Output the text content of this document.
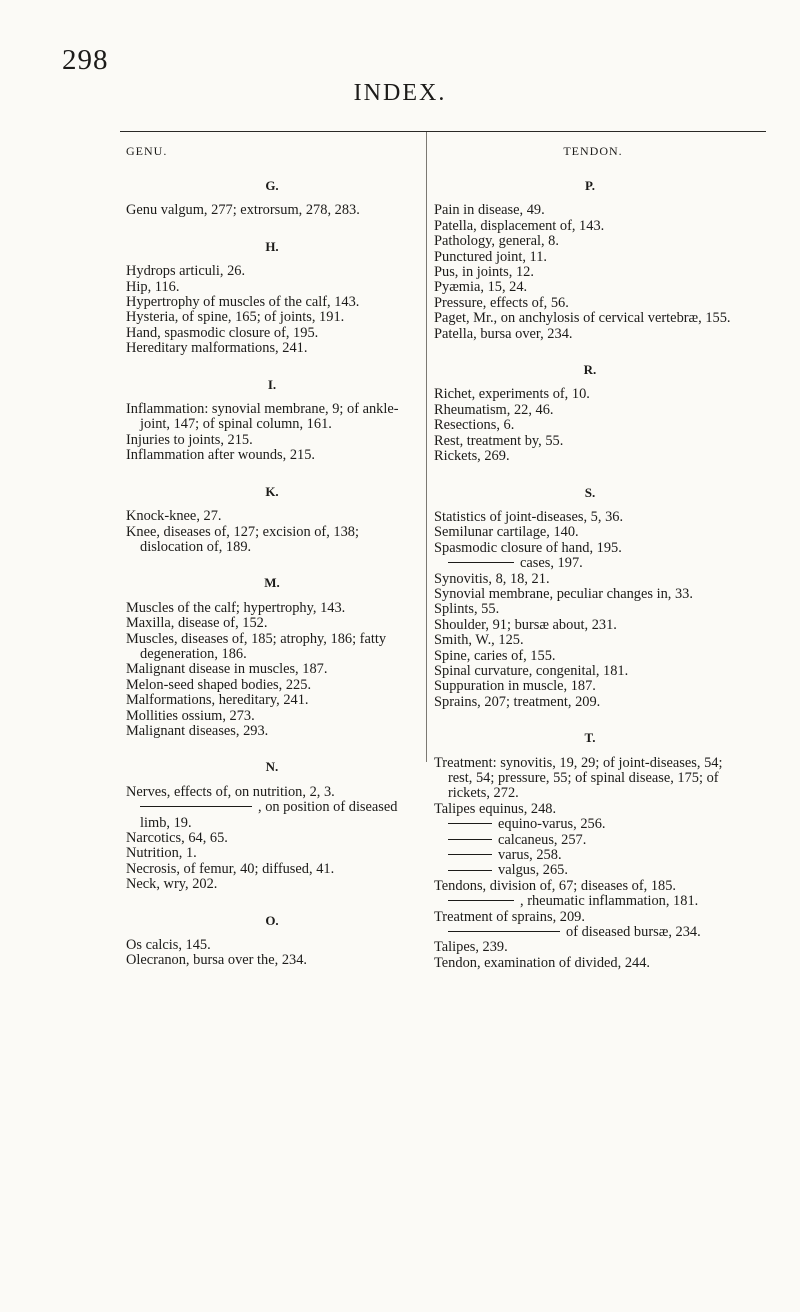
298
INDEX.
GENU.	TENDON.
G.
Genu valgum, 277; extrorsum, 278, 283.
H.
Hydrops articuli, 26.
Hip, 116.
Hypertrophy of muscles of the calf, 143.
Hysteria, of spine, 165; of joints, 191.
Hand, spasmodic closure of, 195.
Hereditary malformations, 241.
I.
Inflammation: synovial membrane, 9; of ankle-joint, 147; of spinal column, 161.
Injuries to joints, 215.
Inflammation after wounds, 215.
K.
Knock-knee, 27.
Knee, diseases of, 127; excision of, 138; dislocation of, 189.
M.
Muscles of the calf; hypertrophy, 143.
Maxilla, disease of, 152.
Muscles, diseases of, 185; atrophy, 186; fatty degeneration, 186.
Malignant disease in muscles, 187.
Melon-seed shaped bodies, 225.
Malformations, hereditary, 241.
Mollities ossium, 273.
Malignant diseases, 293.
N.
Nerves, effects of, on nutrition, 2, 3.
, on position of diseased limb, 19.
Narcotics, 64, 65.
Nutrition, 1.
Necrosis, of femur, 40; diffused, 41.
Neck, wry, 202.
O.
Os calcis, 145.
Olecranon, bursa over the, 234.
P.
Pain in disease, 49.
Patella, displacement of, 143.
Pathology, general, 8.
Punctured joint, 11.
Pus, in joints, 12.
Pyæmia, 15, 24.
Pressure, effects of, 56.
Paget, Mr., on anchylosis of cervical vertebræ, 155.
Patella, bursa over, 234.
R.
Richet, experiments of, 10.
Rheumatism, 22, 46.
Resections, 6.
Rest, treatment by, 55.
Rickets, 269.
S.
Statistics of joint-diseases, 5, 36.
Semilunar cartilage, 140.
Spasmodic closure of hand, 195.
cases, 197.
Synovitis, 8, 18, 21.
Synovial membrane, peculiar changes in, 33.
Splints, 55.
Shoulder, 91; bursæ about, 231.
Smith, W., 125.
Spine, caries of, 155.
Spinal curvature, congenital, 181.
Suppuration in muscle, 187.
Sprains, 207; treatment, 209.
T.
Treatment: synovitis, 19, 29; of joint-diseases, 54; rest, 54; pressure, 55; of spinal disease, 175; of rickets, 272.
Talipes equinus, 248.
equino-varus, 256.
calcaneus, 257.
varus, 258.
valgus, 265.
Tendons, division of, 67; diseases of, 185.
, rheumatic inflammation, 181.
Treatment of sprains, 209.
of diseased bursæ, 234.
Talipes, 239.
Tendon, examination of divided, 244.
